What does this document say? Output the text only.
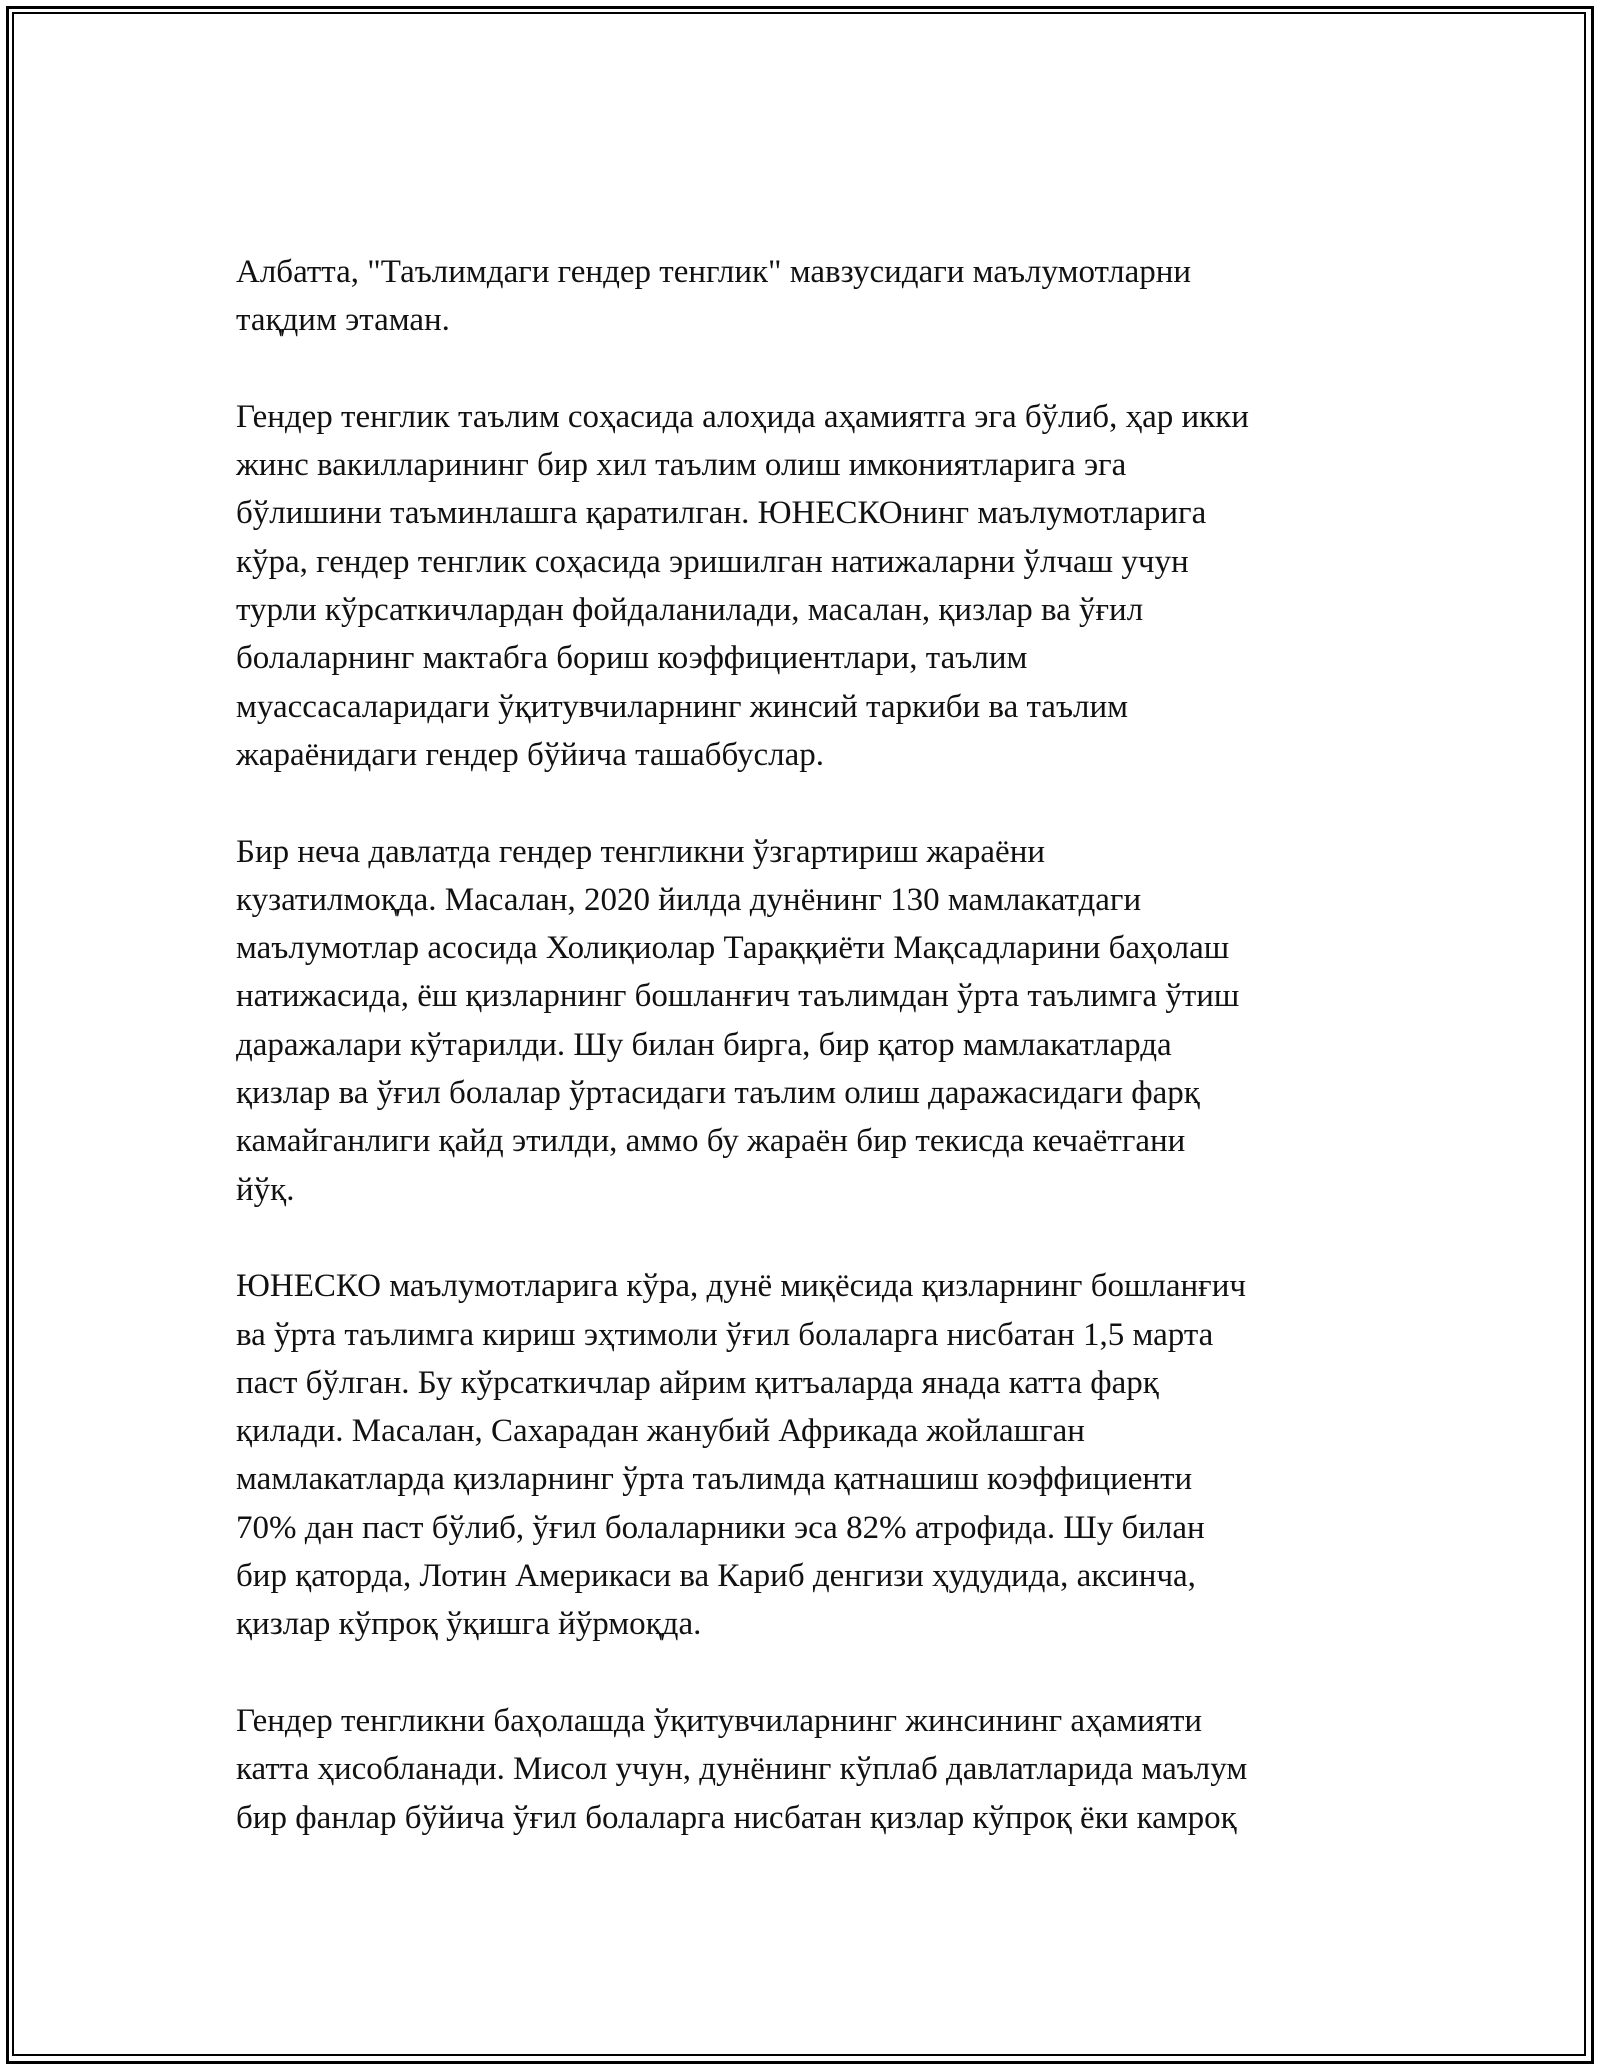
Албатта, "Таълимдаги гендер тенглик" мавзусидаги маълумотларни
тақдим этаман.

Гендер тенглик таълим соҳасида алоҳида аҳамиятга эга бўлиб, ҳар икки
жинс вакилларининг бир хил таълим олиш имкониятларига эга
бўлишини таъминлашга қаратилган. ЮНЕСКОнинг маълумотларига
кўра, гендер тенглик соҳасида эришилган натижаларни ўлчаш учун
турли кўрсаткичлардан фойдаланилади, масалан, қизлар ва ўғил
болаларнинг мактабга бориш коэффициентлари, таълим
муассасаларидаги ўқитувчиларнинг жинсий таркиби ва таълим
жараёнидаги гендер бўйича ташаббуслар.

Бир неча давлатда гендер тенгликни ўзгартириш жараёни
кузатилмоқда. Масалан, 2020 йилда дунёнинг 130 мамлакатдаги
маълумотлар асосида Холиқиолар Тараққиёти Мақсадларини баҳолаш
натижасида, ёш қизларнинг бошланғич таълимдан ўрта таълимга ўтиш
даражалари кўтарилди. Шу билан бирга, бир қатор мамлакатларда
қизлар ва ўғил болалар ўртасидаги таълим олиш даражасидаги фарқ
камайганлиги қайд этилди, аммо бу жараён бир текисда кечаётгани
йўқ.

ЮНЕСКО маълумотларига кўра, дунё миқёсида қизларнинг бошланғич
ва ўрта таълимга кириш эҳтимоли ўғил болаларга нисбатан 1,5 марта
паст бўлган. Бу кўрсаткичлар айрим қитъаларда янада катта фарқ
қилади. Масалан, Сахарадан жанубий Африкада жойлашган
мамлакатларда қизларнинг ўрта таълимда қатнашиш коэффициенти
70% дан паст бўлиб, ўғил болаларники эса 82% атрофида. Шу билан
бир қаторда, Лотин Америкаси ва Кариб денгизи ҳудудида, аксинча,
қизлар кўпроқ ўқишга йўрмоқда.

Гендер тенгликни баҳолашда ўқитувчиларнинг жинсининг аҳамияти
катта ҳисобланади. Мисол учун, дунёнинг кўплаб давлатларида маълум
бир фанлар бўйича ўғил болаларга нисбатан қизлар кўпроқ ёки камроқ
